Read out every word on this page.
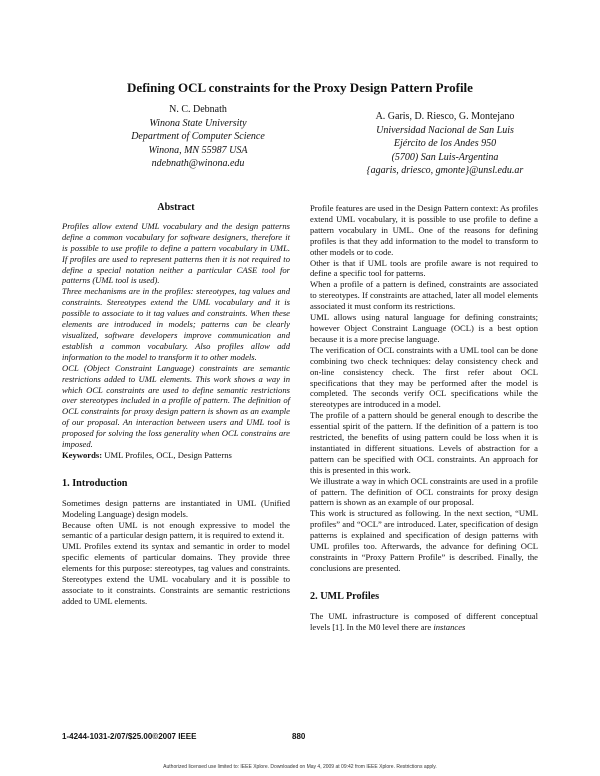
Defining OCL constraints for the Proxy Design Pattern Profile
N. C. Debnath
Winona State University
Department of Computer Science
Winona, MN 55987 USA
ndebnath@winona.edu
A. Garis, D. Riesco, G. Montejano
Universidad Nacional de San Luis
Ejército de los Andes 950
(5700) San Luis-Argentina
{agaris, driesco, gmonte}@unsl.edu.ar
Abstract

Profiles allow extend UML vocabulary and the design patterns define a common vocabulary for software designers, therefore it is possible to use profile to define a pattern vocabulary in UML. If profiles are used to represent patterns then it is not required to define a special notation neither a particular CASE tool for patterns (UML tool is used).

Three mechanisms are in the profiles: stereotypes, tag values and constraints. Stereotypes extend the UML vocabulary and it is possible to associate to it tag values and constraints. When these elements are introduced in models; patterns can be clearly visualized, software developers improve communication and establish a common vocabulary. Also profiles allow add information to the model to transform it to other models.

OCL (Object Constraint Language) constraints are semantic restrictions added to UML elements. This work shows a way in which OCL constraints are used to define semantic restrictions over stereotypes included in a profile of pattern. The definition of OCL constraints for proxy design pattern is shown as an example of our proposal. An interaction between users and UML tool is proposed for solving the loss generality when OCL constrains are imposed.

Keywords: UML Profiles, OCL, Design Patterns

1. Introduction

Sometimes design patterns are instantiated in UML (Unified Modeling Language) design models.

Because often UML is not enough expressive to model the semantic of a particular design pattern, it is required to extend it.

UML Profiles extend its syntax and semantic in order to model specific elements of particular domains. They provide three elements for this purpose: stereotypes, tag values and constraints. Stereotypes extend the UML vocabulary and it is possible to associate to it constraints. Constraints are semantic restrictions added to UML elements.

Profile features are used in the Design Pattern context: As profiles extend UML vocabulary, it is possible to use profile to define a pattern vocabulary in UML. One of the reasons for defining profiles is that they add information to the model to transform to other models or to code.

Other is that if UML tools are profile aware is not required to define a specific tool for patterns.

When a profile of a pattern is defined, constraints are associated to stereotypes. If constraints are attached, later all model elements associated it must conform its restrictions.

UML allows using natural language for defining constraints; however Object Constraint Language (OCL) is a best option because it is a more precise language.

The verification of OCL constraints with a UML tool can be done combining two check techniques: delay consistency check and on-line consistency check. The first refer about OCL specifications that they may be performed after the model is completed. The seconds verify OCL specifications while the stereotypes are introduced in a model.

The profile of a pattern should be general enough to describe the essential spirit of the pattern. If the definition of a pattern is too restricted, the benefits of using pattern could be loss when it is instantiated in different situations. Levels of abstraction for a pattern can be specified with OCL constraints. An approach for this is presented in this work.

We illustrate a way in which OCL constraints are used in a profile of pattern. The definition of OCL constraints for proxy design pattern is shown as an example of our proposal.

This work is structured as following. In the next section, “UML profiles” and “OCL” are introduced. Later, specification of design patterns is explained and specification of design patterns with UML profiles too. Afterwards, the advance for defining OCL constraints in “Proxy Pattern Profile” is described. Finally, the conclusions are presented.

2. UML Profiles

The UML infrastructure is composed of different conceptual levels [1]. In the M0 level there are instances

1-4244-1031-2/07/$25.00©2007 IEEE	880
Authorized licensed use limited to: IEEE Xplore. Downloaded on May 4, 2009 at 09:42 from IEEE Xplore. Restrictions apply.
